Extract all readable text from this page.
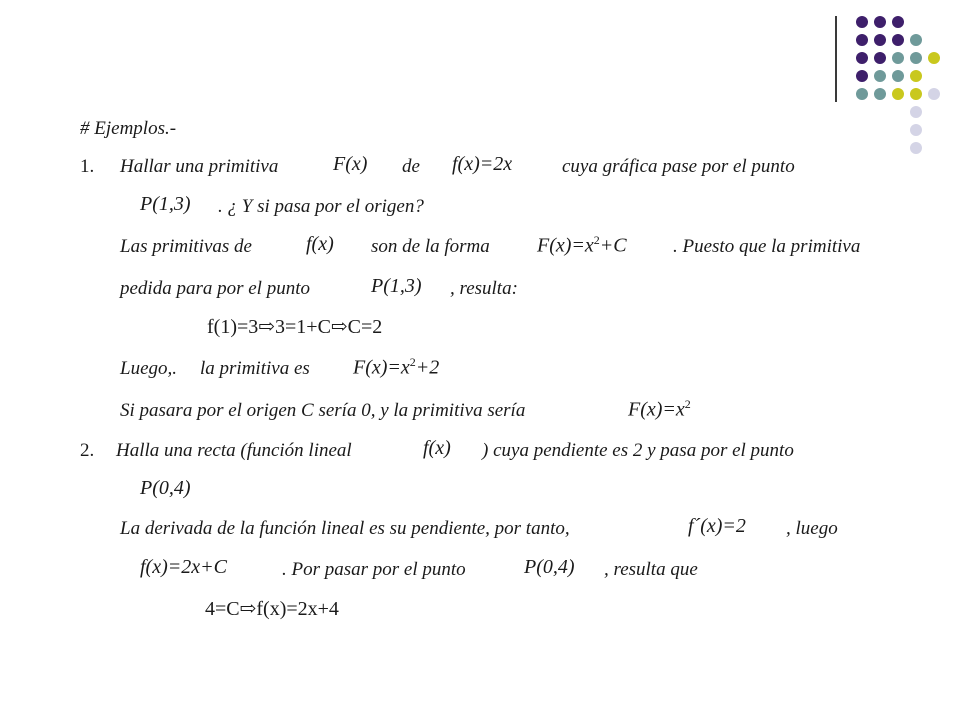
# Ejemplos.-
1. Hallar una primitiva	F(x) de f(x)=2x	cuya gráfica pase por el punto
P(1,3) . ¿ Y si pasa por el origen?
Las primitivas de	f(x) son de la forma $F(x)=x^2+C$ . Puesto que la primitiva
pedida para por el punto	P(1,3) , resulta:
f(1)=3⇨3=1+C⇨C=2
Luego,. la primitiva es $F(x)=x^2+2$
Si pasara por el origen C sería 0, y la primitiva sería	$F(x)=x^2$
2. Halla una recta (función lineal	f(x) ) cuya pendiente es 2 y pasa por el punto
P(0,4)
La derivada de la función lineal es su pendiente, por tanto,	f´(x)=2 , luego
f(x)=2x+C	. Por pasar por el punto	P(0,4) , resulta que
4=C⇨f(x)=2x+4
